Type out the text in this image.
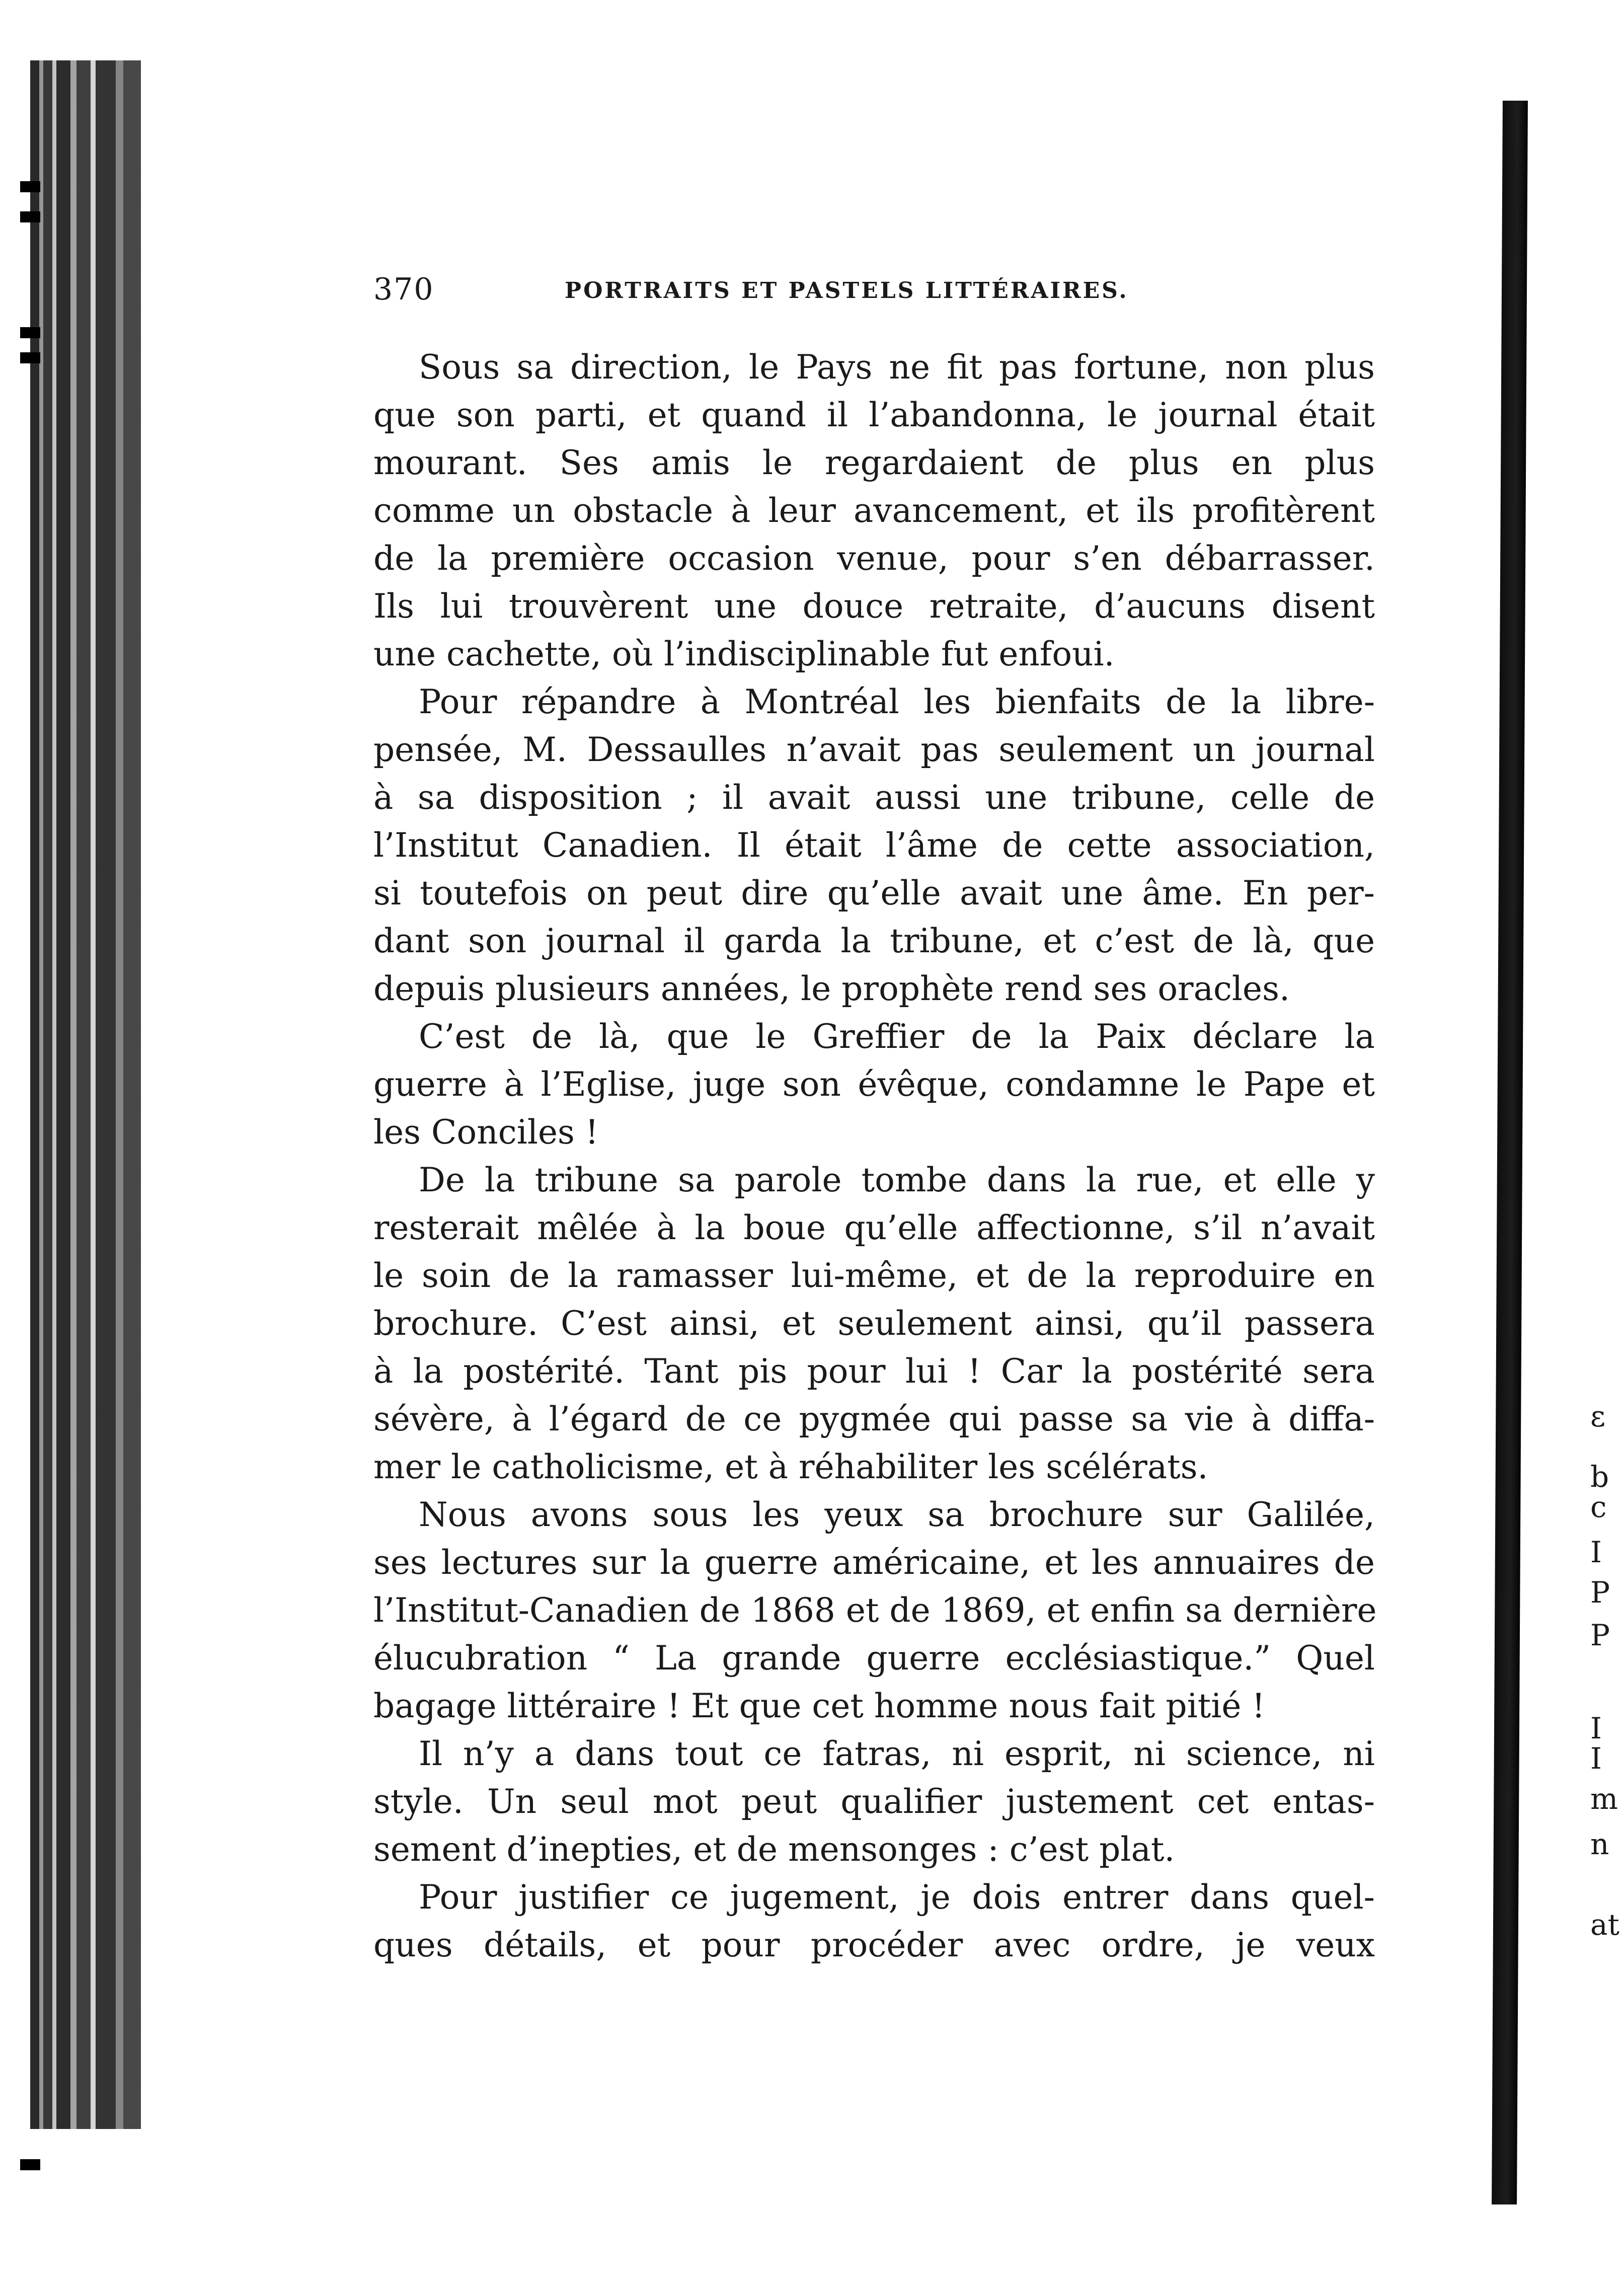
370	PORTRAITS ET PASTELS LITTÉRAIRES.
Sous sa direction, le Pays ne fit pas fortune, non plus
que son parti, et quand il l’abandonna, le journal était
mourant. Ses amis le regardaient de plus en plus
comme un obstacle à leur avancement, et ils profitèrent
de la première occasion venue, pour s’en débarrasser.
Ils lui trouvèrent une douce retraite, d’aucuns disent
une cachette, où l’indisciplinable fut enfoui.
Pour répandre à Montréal les bienfaits de la libre-
pensée, M. Dessaulles n’avait pas seulement un journal
à sa disposition ; il avait aussi une tribune, celle de
l’Institut Canadien. Il était l’âme de cette association,
si toutefois on peut dire qu’elle avait une âme. En per-
dant son journal il garda la tribune, et c’est de là, que
depuis plusieurs années, le prophète rend ses oracles.
C’est de là, que le Greffier de la Paix déclare la
guerre à l’Eglise, juge son évêque, condamne le Pape et
les Conciles !
De la tribune sa parole tombe dans la rue, et elle y
resterait mêlée à la boue qu’elle affectionne, s’il n’avait
le soin de la ramasser lui-même, et de la reproduire en
brochure. C’est ainsi, et seulement ainsi, qu’il passera
à la postérité. Tant pis pour lui ! Car la postérité sera
sévère, à l’égard de ce pygmée qui passe sa vie à diffa-
mer le catholicisme, et à réhabiliter les scélérats.
Nous avons sous les yeux sa brochure sur Galilée,
ses lectures sur la guerre américaine, et les annuaires de
l’Institut-Canadien de 1868 et de 1869, et enfin sa dernière
élucubration “ La grande guerre ecclésiastique.” Quel
bagage littéraire ! Et que cet homme nous fait pitié !
Il n’y a dans tout ce fatras, ni esprit, ni science, ni
style. Un seul mot peut qualifier justement cet entas-
sement d’inepties, et de mensonges : c’est plat.
Pour justifier ce jugement, je dois entrer dans quel-
ques détails, et pour procéder avec ordre, je veux
ε
b
c
I
P
P
I
I
m
n
at
